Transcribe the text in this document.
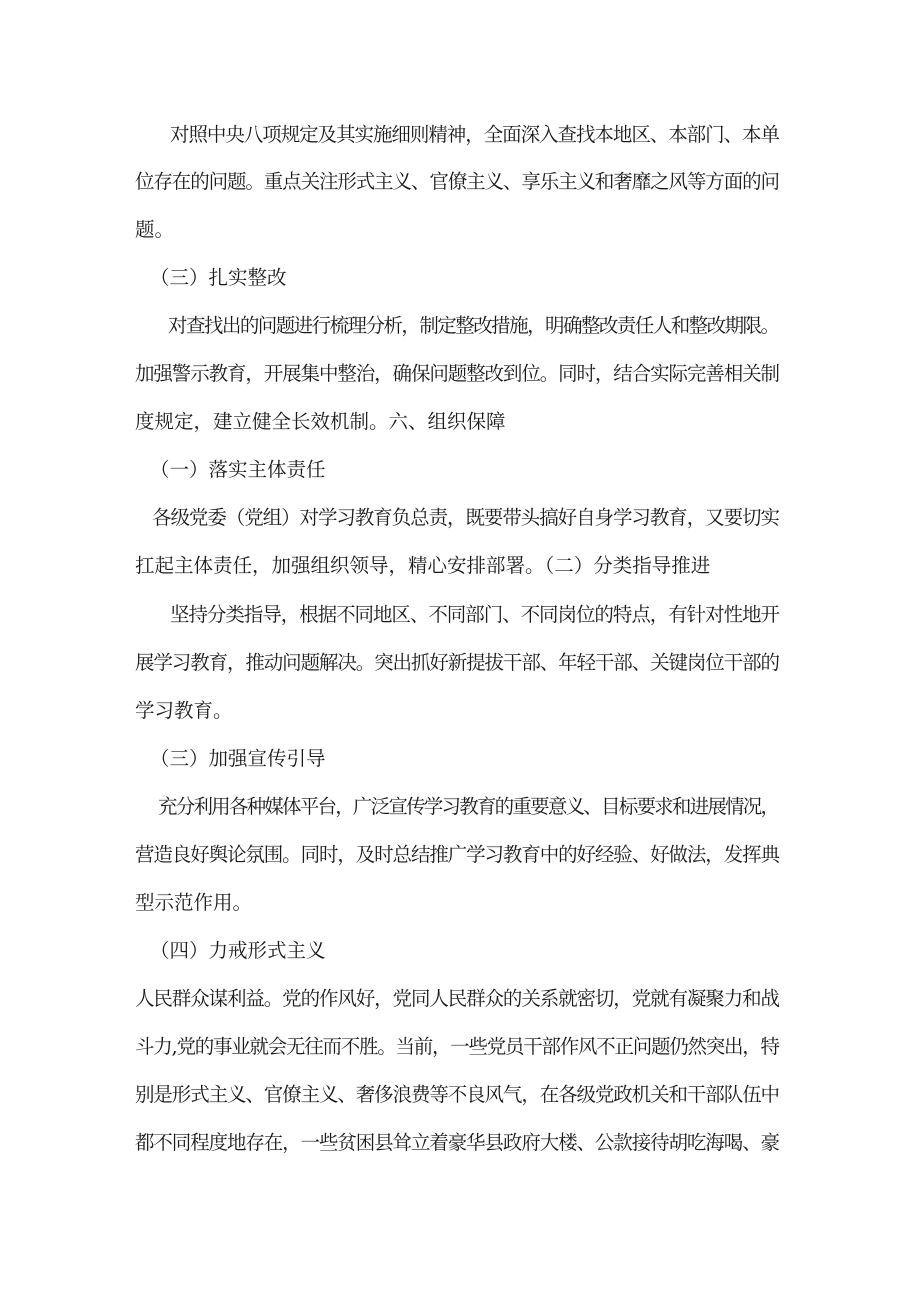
对照中央八项规定及其实施细则精神，全面深入查找本地区、本部门、本单
位存在的问题。重点关注形式主义、官僚主义、享乐主义和奢靡之风等方面的问
题。
（三）扎实整改
对查找出的问题进行梳理分析，制定整改措施，明确整改责任人和整改期限。
加强警示教育，开展集中整治，确保问题整改到位。同时，结合实际完善相关制
度规定，建立健全长效机制。六、组织保障
（一）落实主体责任
各级党委（党组）对学习教育负总责，既要带头搞好自身学习教育，又要切实
扛起主体责任，加强组织领导，精心安排部署。（二）分类指导推进
坚持分类指导，根据不同地区、不同部门、不同岗位的特点，有针对性地开
展学习教育，推动问题解决。突出抓好新提拔干部、年轻干部、关键岗位干部的
学习教育。
（三）加强宣传引导
充分利用各种媒体平台，广泛宣传学习教育的重要意义、目标要求和进展情况，
营造良好舆论氛围。同时，及时总结推广学习教育中的好经验、好做法，发挥典
型示范作用。
（四）力戒形式主义
人民群众谋利益。党的作风好，党同人民群众的关系就密切，党就有凝聚力和战
斗力,党的事业就会无往而不胜。当前，一些党员干部作风不正问题仍然突出，特
别是形式主义、官僚主义、奢侈浪费等不良风气，在各级党政机关和干部队伍中
都不同程度地存在，一些贫困县耸立着豪华县政府大楼、公款接待胡吃海喝、豪
